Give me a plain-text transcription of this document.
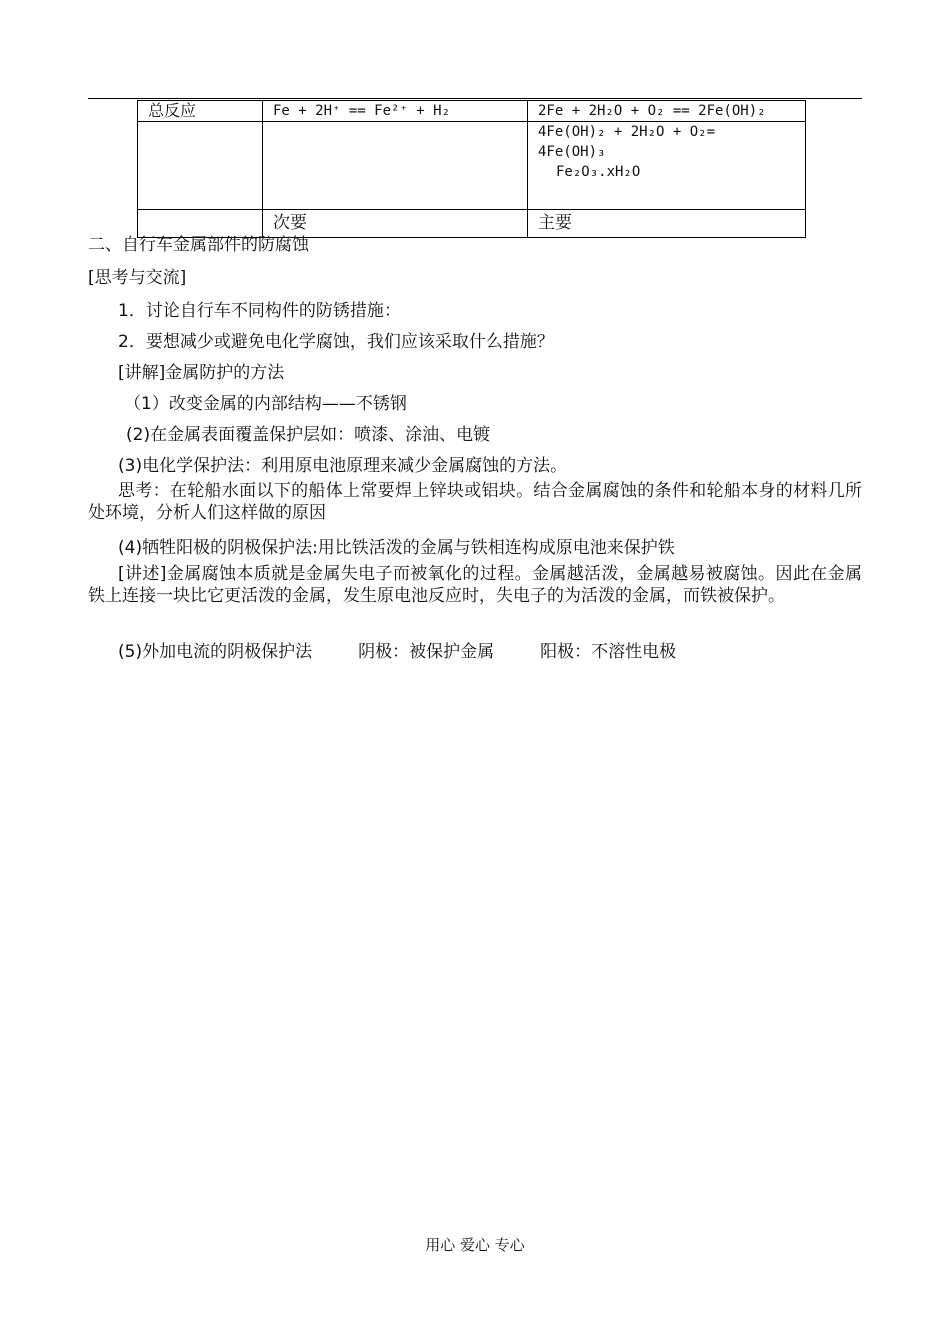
总反应	Fe + 2H⁺ == Fe²⁺ + H₂	2Fe + 2H₂O + O₂ == 2Fe(OH)₂

		4Fe(OH)₂ + 2H₂O + O₂=
4Fe(OH)₃
Fe₂O₃.xH₂O

	次要	主要
二、自行车金属部件的防腐蚀
[思考与交流]
1．讨论自行车不同构件的防锈措施：
2．要想减少或避免电化学腐蚀，我们应该采取什么措施？
[讲解]金属防护的方法
（1）改变金属的内部结构——不锈钢
(2)在金属表面覆盖保护层如：喷漆、涂油、电镀
(3)电化学保护法：利用原电池原理来减少金属腐蚀的方法。
思考：在轮船水面以下的船体上常要焊上锌块或铝块。结合金属腐蚀的条件和轮船本身的材料几所处环境，分析人们这样做的原因
(4)牺牲阳极的阴极保护法:用比铁活泼的金属与铁相连构成原电池来保护铁
[讲述]金属腐蚀本质就是金属失电子而被氧化的过程。金属越活泼，金属越易被腐蚀。因此在金属铁上连接一块比它更活泼的金属，发生原电池反应时，失电子的为活泼的金属，而铁被保护。
(5)外加电流的阴极保护法	阴极：被保护金属	阳极：不溶性电极
用心 爱心 专心
